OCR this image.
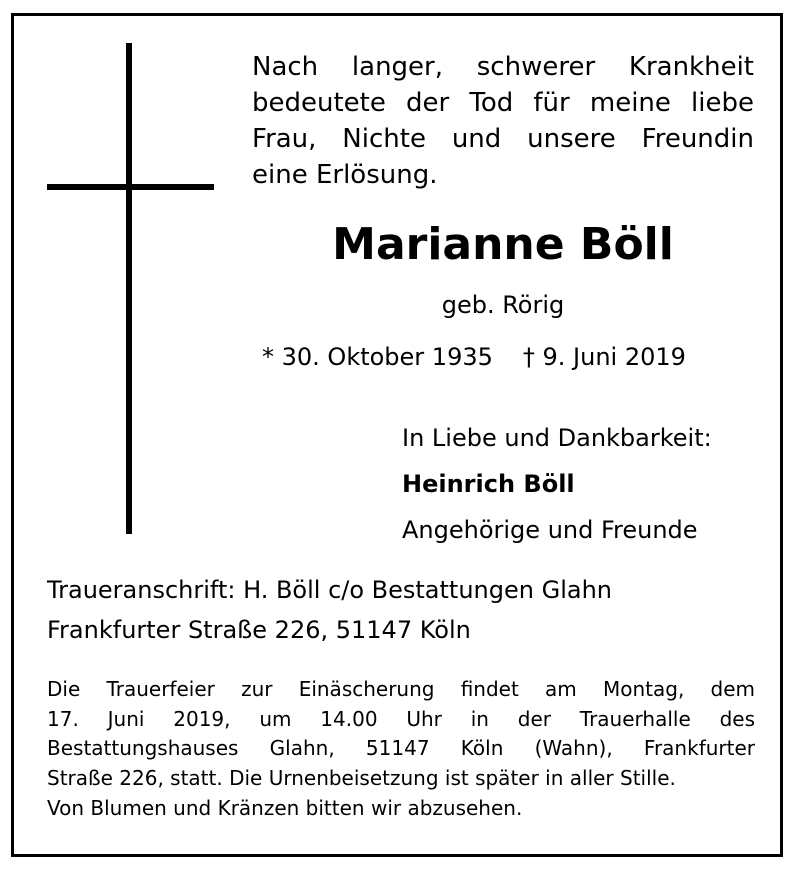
Nach langer, schwerer Krankheit
bedeutete der Tod für meine liebe
Frau, Nichte und unsere Freundin
eine Erlösung.
Marianne Böll
geb. Rörig
* 30. Oktober 1935 † 9. Juni 2019
In Liebe und Dankbarkeit:
Heinrich Böll
Angehörige und Freunde
Traueranschrift: H. Böll c/o Bestattungen Glahn
Frankfurter Straße 226, 51147 Köln
Die Trauerfeier zur Einäscherung findet am Montag, dem
17. Juni 2019, um 14.00 Uhr in der Trauerhalle des
Bestattungshauses Glahn, 51147 Köln (Wahn), Frankfurter
Straße 226, statt. Die Urnenbeisetzung ist später in aller Stille.
Von Blumen und Kränzen bitten wir abzusehen.
